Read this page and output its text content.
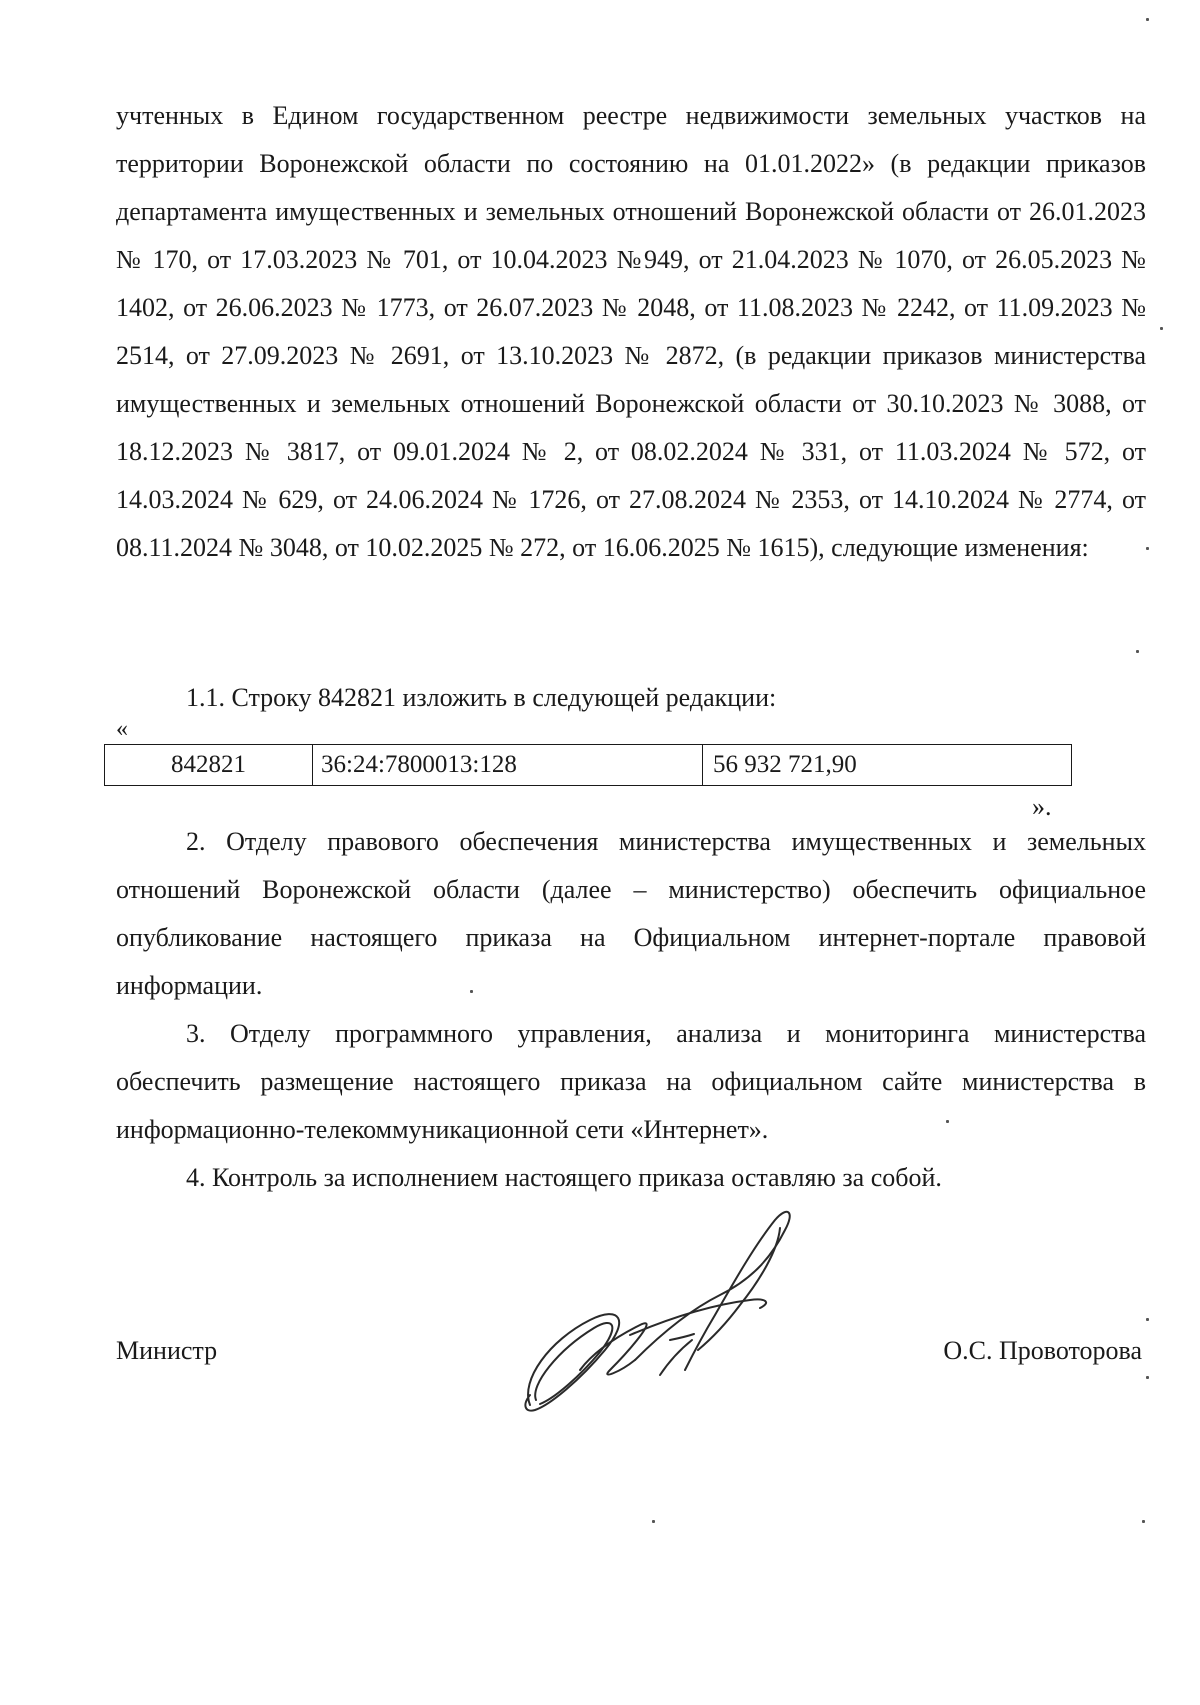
учтенных в Едином государственном реестре недвижимости земельных участков на территории Воронежской области по состоянию на 01.01.2022» (в редакции приказов департамента имущественных и земельных отношений Воронежской области от 26.01.2023 № 170, от 17.03.2023 № 701, от 10.04.2023 №949, от 21.04.2023 № 1070, от 26.05.2023 № 1402, от 26.06.2023 № 1773, от 26.07.2023 № 2048, от 11.08.2023 № 2242, от 11.09.2023 № 2514, от 27.09.2023 № 2691, от 13.10.2023 № 2872, (в редакции приказов министерства имущественных и земельных отношений Воронежской области от 30.10.2023 № 3088, от 18.12.2023 № 3817, от 09.01.2024 № 2, от 08.02.2024 № 331, от 11.03.2024 № 572, от 14.03.2024 № 629, от 24.06.2024 № 1726, от 27.08.2024 № 2353, от 14.10.2024 № 2774, от 08.11.2024 № 3048, от 10.02.2025 № 272, от 16.06.2025 № 1615), следующие изменения:

1.1. Строку 842821 изложить в следующей редакции:

«
842821	36:24:7800013:128	56 932 721,90
».

2. Отделу правового обеспечения министерства имущественных и земельных отношений Воронежской области (далее – министерство) обеспечить официальное опубликование настоящего приказа на Официальном интернет-портале правовой информации.

3. Отделу программного управления, анализа и мониторинга министерства обеспечить размещение настоящего приказа на официальном сайте министерства в информационно-телекоммуникационной сети «Интернет».

4. Контроль за исполнением настоящего приказа оставляю за собой.

Министр	О.С. Провоторова
